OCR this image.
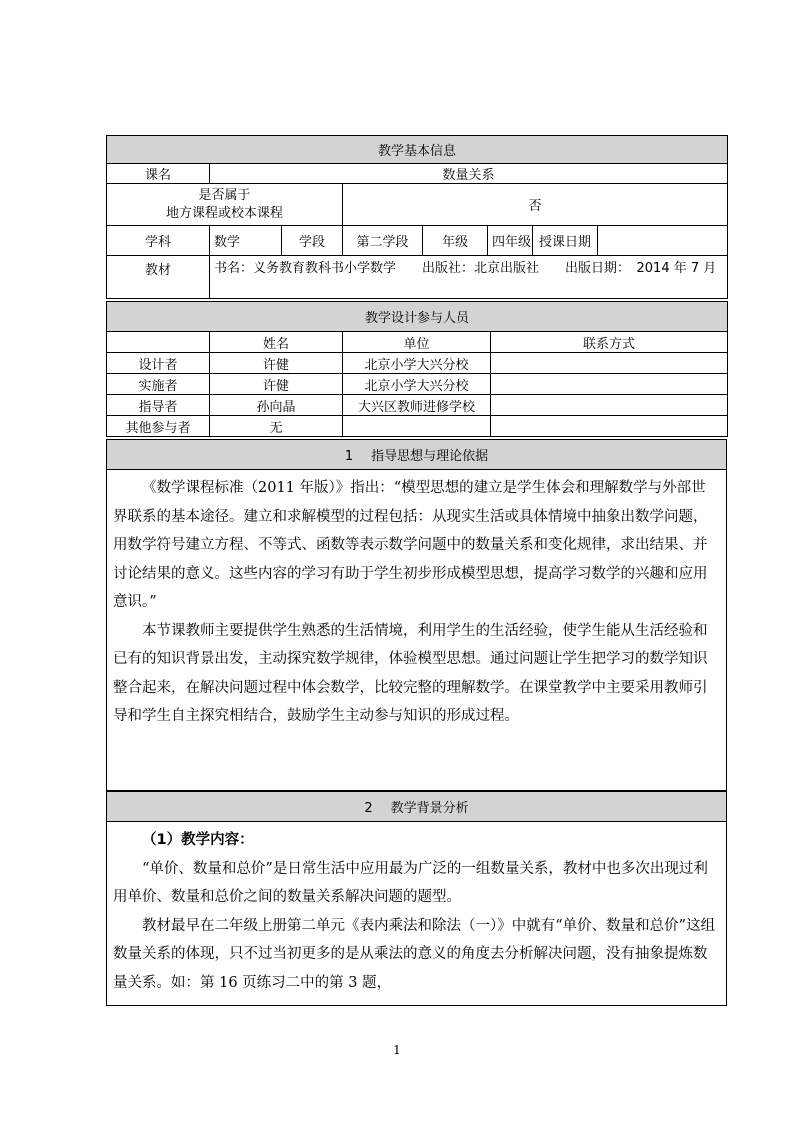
教学基本信息							
课名	数量关系						
是否属于
地方课程或校本课程			否				
学科	数学	学段	第二学段	年级	四年级	授课日期	
教材	书名：义务教育教科书小学数学　　出版社：北京出版社　　出版日期：　2014 年 7 月						
教学设计参与人员			
	姓名	单位	联系方式
设计者	许健	北京小学大兴分校	
实施者	许健	北京小学大兴分校	
指导者	孙向晶	大兴区教师进修学校	
其他参与者	无		
1 指导思想与理论依据

《数学课程标准（2011 年版）》指出：“模型思想的建立是学生体会和理解数学与外部世界联系的基本途径。建立和求解模型的过程包括：从现实生活或具体情境中抽象出数学问题，用数学符号建立方程、不等式、函数等表示数学问题中的数量关系和变化规律，求出结果、并讨论结果的意义。这些内容的学习有助于学生初步形成模型思想，提高学习数学的兴趣和应用意识。”

本节课教师主要提供学生熟悉的生活情境，利用学生的生活经验，使学生能从生活经验和已有的知识背景出发，主动探究数学规律，体验模型思想。通过问题让学生把学习的数学知识整合起来，在解决问题过程中体会数学，比较完整的理解数学。在课堂教学中主要采用教师引导和学生自主探究相结合，鼓励学生主动参与知识的形成过程。

2 教学背景分析

（1）教学内容：

“单价、数量和总价”是日常生活中应用最为广泛的一组数量关系，教材中也多次出现过利用单价、数量和总价之间的数量关系解决问题的题型。

教材最早在二年级上册第二单元《表内乘法和除法（一）》中就有“单价、数量和总价”这组数量关系的体现，只不过当初更多的是从乘法的意义的角度去分析解决问题，没有抽象提炼数量关系。如：第 16 页练习二中的第 3 题，

1
